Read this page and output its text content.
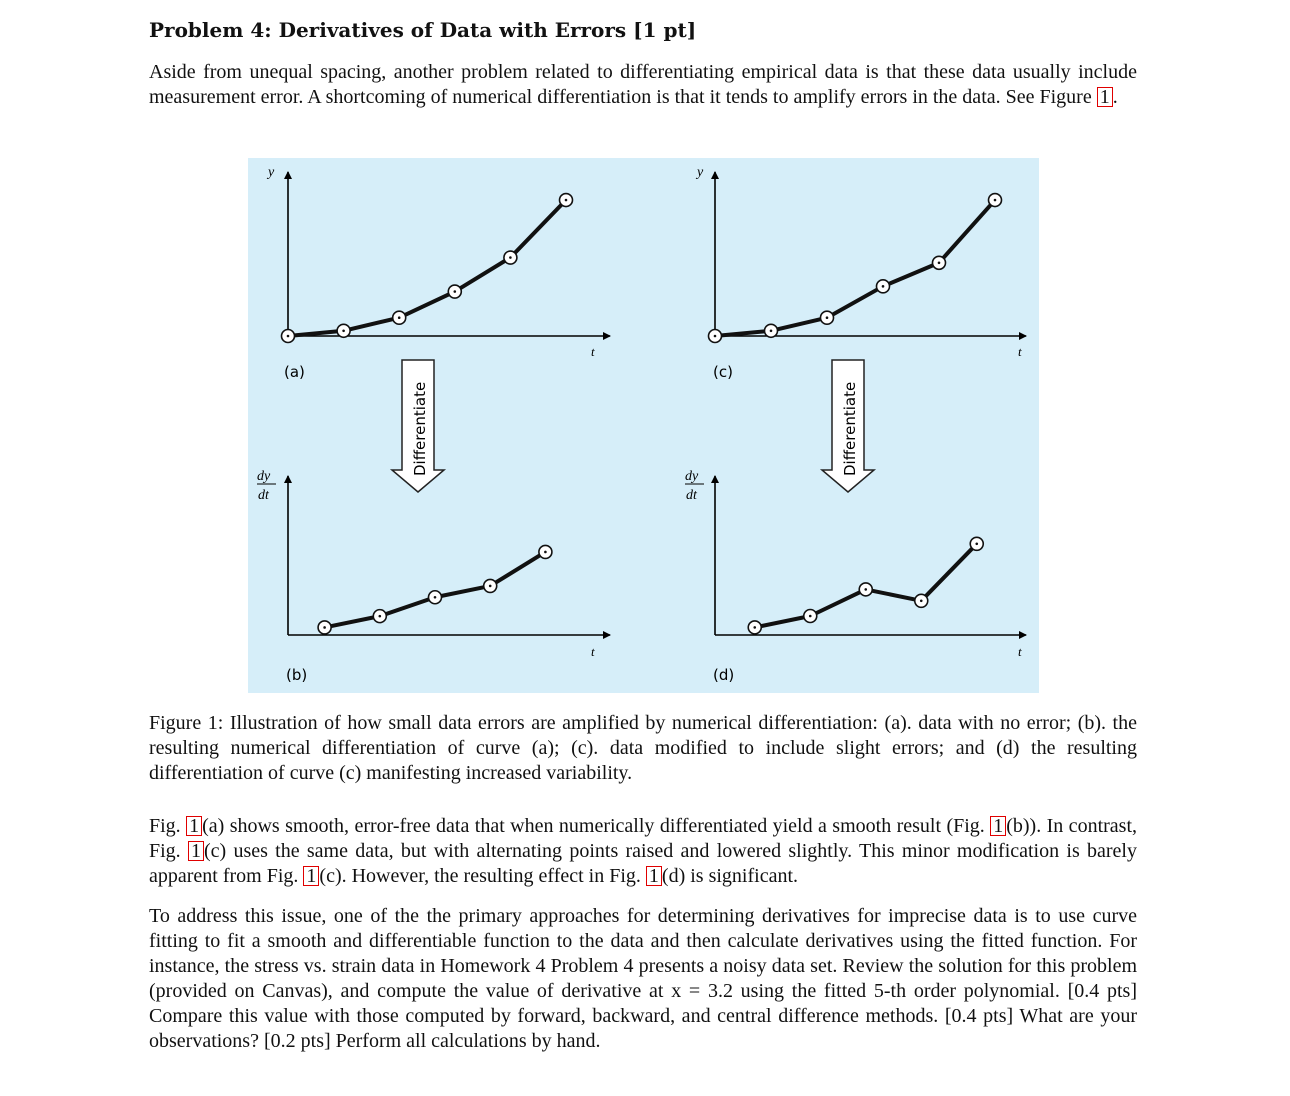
Problem 4: Derivatives of Data with Errors [1 pt]

Aside from unequal spacing, another problem related to differentiating empirical data is that these data usually include measurement error. A shortcoming of numerical differentiation is that it tends to amplify errors in the data. See Figure 1 .

Figure 1: Illustration of how small data errors are amplified by numerical differentiation: (a). data with no error; (b). the resulting numerical differentiation of curve (a); (c). data modified to include slight errors; and (d) the resulting differentiation of curve (c) manifesting increased variability.

Fig. 1 (a) shows smooth, error-free data that when numerically differentiated yield a smooth result (Fig. 1 (b)). In contrast, Fig. 1 (c) uses the same data, but with alternating points raised and lowered slightly. This minor modification is barely apparent from Fig. 1 (c). However, the resulting effect in Fig. 1 (d) is significant.

To address this issue, one of the the primary approaches for determining derivatives for imprecise data is to use curve fitting to fit a smooth and differentiable function to the data and then calculate derivatives using the fitted function. For instance, the stress vs. strain data in Homework 4 Problem 4 presents a noisy data set. Review the solution for this problem (provided on Canvas), and compute the value of derivative at x = 3.2 using the fitted 5-th order polynomial. [0.4 pts] Compare this value with those computed by forward, backward, and central difference methods. [0.4 pts] What are your observations? [0.2 pts] Perform all calculations by hand.
y
t
(a)
dy
dt
t
(b)
y
t
(c)
dy
dt
t
(d)
Differentiate	Differentiate
